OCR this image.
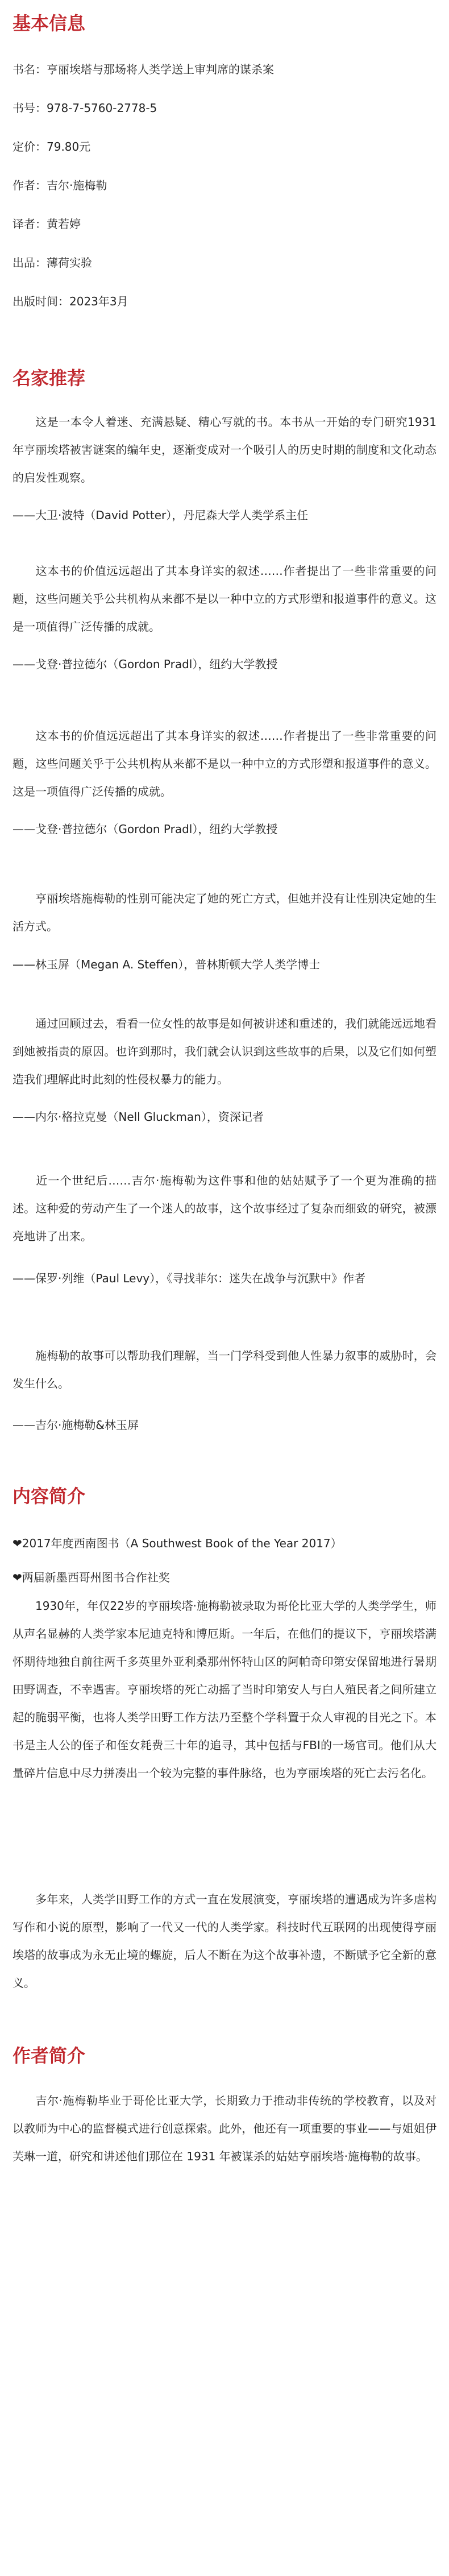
基本信息
书名：亨丽埃塔与那场将人类学送上审判席的谋杀案
书号：978-7-5760-2778-5
定价：79.80元
作者：吉尔·施梅勒
译者：黄若婷
出品：薄荷实验
出版时间：2023年3月
名家推荐
这是一本令人着迷、充满悬疑、精心写就的书。本书从一开始的专门研究1931年亨丽埃塔被害谜案的编年史，逐渐变成对一个吸引人的历史时期的制度和文化动态的启发性观察。
——大卫·波特（David Potter），丹尼森大学人类学系主任
这本书的价值远远超出了其本身详实的叙述……作者提出了一些非常重要的问题，这些问题关乎公共机构从来都不是以一种中立的方式形塑和报道事件的意义。这是一项值得广泛传播的成就。
——戈登·普拉德尔（Gordon Pradl），纽约大学教授
这本书的价值远远超出了其本身详实的叙述……作者提出了一些非常重要的问题，这些问题关乎于公共机构从来都不是以一种中立的方式形塑和报道事件的意义。这是一项值得广泛传播的成就。
——戈登·普拉德尔（Gordon Pradl），纽约大学教授
亨丽埃塔施梅勒的性别可能决定了她的死亡方式，但她并没有让性别决定她的生活方式。
——林玉屏（Megan A. Steffen），普林斯顿大学人类学博士
通过回顾过去，看看一位女性的故事是如何被讲述和重述的，我们就能远远地看到她被指责的原因。也许到那时，我们就会认识到这些故事的后果，以及它们如何塑造我们理解此时此刻的性侵权暴力的能力。
——内尔·格拉克曼（Nell Gluckman），资深记者
近一个世纪后……吉尔·施梅勒为这件事和他的姑姑赋予了一个更为准确的描述。这种爱的劳动产生了一个迷人的故事，这个故事经过了复杂而细致的研究，被漂亮地讲了出来。
——保罗·列维（Paul Levy），《寻找菲尔：迷失在战争与沉默中》作者
施梅勒的故事可以帮助我们理解，当一门学科受到他人性暴力叙事的威胁时，会发生什么。
——吉尔·施梅勒&林玉屏
内容简介
❤2017年度西南图书（A Southwest Book of the Year 2017）
❤两届新墨西哥州图书合作社奖
1930年，年仅22岁的亨丽埃塔·施梅勒被录取为哥伦比亚大学的人类学学生，师从声名显赫的人类学家本尼迪克特和博厄斯。一年后，在他们的提议下，亨丽埃塔满怀期待地独自前往两千多英里外亚利桑那州怀特山区的阿帕奇印第安保留地进行暑期田野调查，不幸遇害。亨丽埃塔的死亡动摇了当时印第安人与白人殖民者之间所建立起的脆弱平衡，也将人类学田野工作方法乃至整个学科置于众人审视的目光之下。本书是主人公的侄子和侄女耗费三十年的追寻，其中包括与FBI的一场官司。他们从大量碎片信息中尽力拼凑出一个较为完整的事件脉络，也为亨丽埃塔的死亡去污名化。
多年来，人类学田野工作的方式一直在发展演变，亨丽埃塔的遭遇成为许多虐构写作和小说的原型，影响了一代又一代的人类学家。科技时代互联网的出现使得亨丽埃塔的故事成为永无止境的螺旋，后人不断在为这个故事补遗，不断赋予它全新的意义。
作者简介
吉尔·施梅勒毕业于哥伦比亚大学，长期致力于推动非传统的学校教育，以及对以教师为中心的监督模式进行创意探索。此外，他还有一项重要的事业——与姐姐伊芙琳一道，研究和讲述他们那位在 1931 年被谋杀的姑姑亨丽埃塔·施梅勒的故事。
